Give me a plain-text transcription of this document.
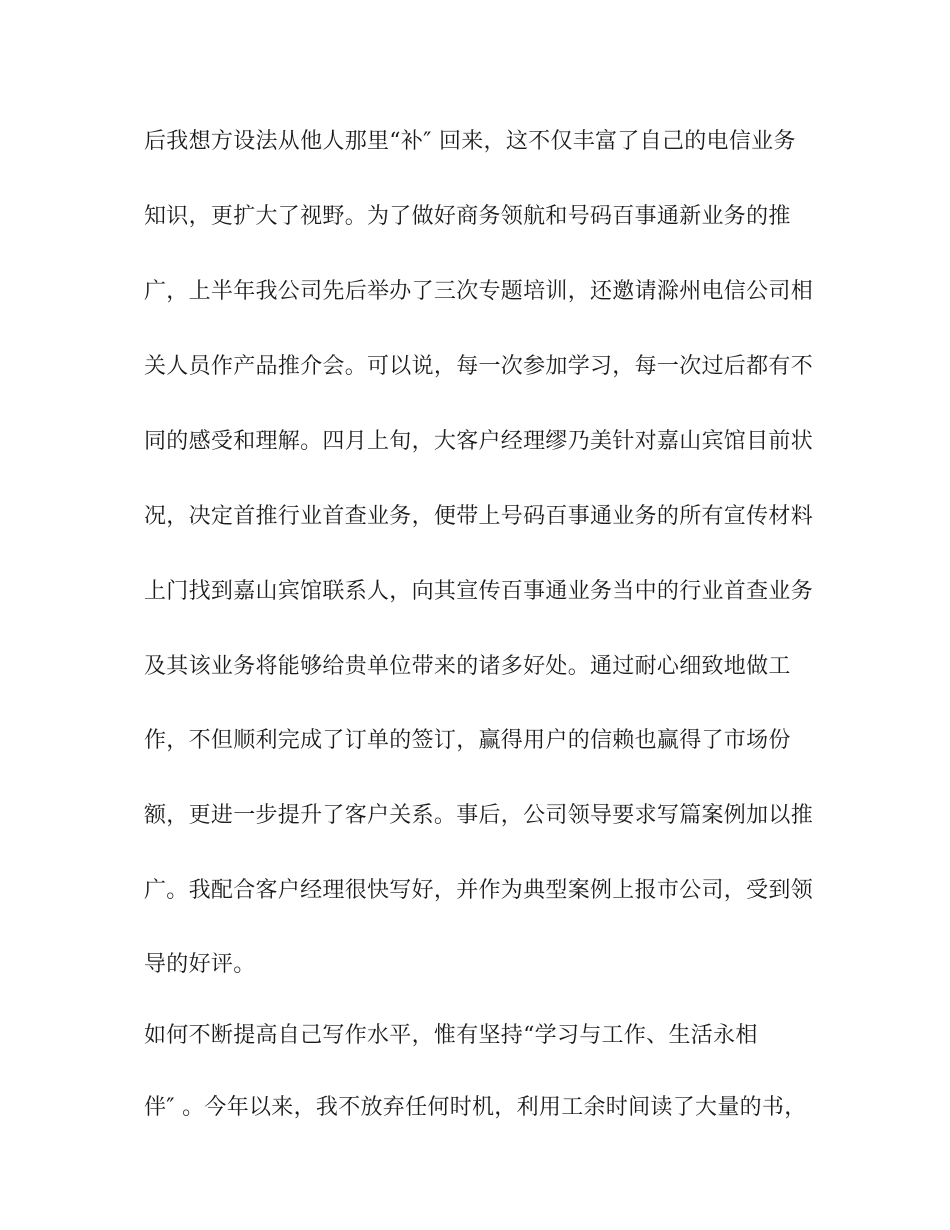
后我想方设法从他人那里“补″ 回来，这不仅丰富了自己的电信业务
知识，更扩大了视野。为了做好商务领航和号码百事通新业务的推
广，上半年我公司先后举办了三次专题培训，还邀请滁州电信公司相
关人员作产品推介会。可以说，每一次参加学习，每一次过后都有不
同的感受和理解。四月上旬，大客户经理缪乃美针对嘉山宾馆目前状
况，决定首推行业首查业务，便带上号码百事通业务的所有宣传材料
上门找到嘉山宾馆联系人，向其宣传百事通业务当中的行业首查业务
及其该业务将能够给贵单位带来的诸多好处。通过耐心细致地做工
作，不但顺利完成了订单的签订，赢得用户的信赖也赢得了市场份
额，更进一步提升了客户关系。事后，公司领导要求写篇案例加以推
广。我配合客户经理很快写好，并作为典型案例上报市公司，受到领
导的好评。
如何不断提高自己写作水平，惟有坚持“学习与工作、生活永相
伴″ 。今年以来，我不放弃任何时机，利用工余时间读了大量的书，
